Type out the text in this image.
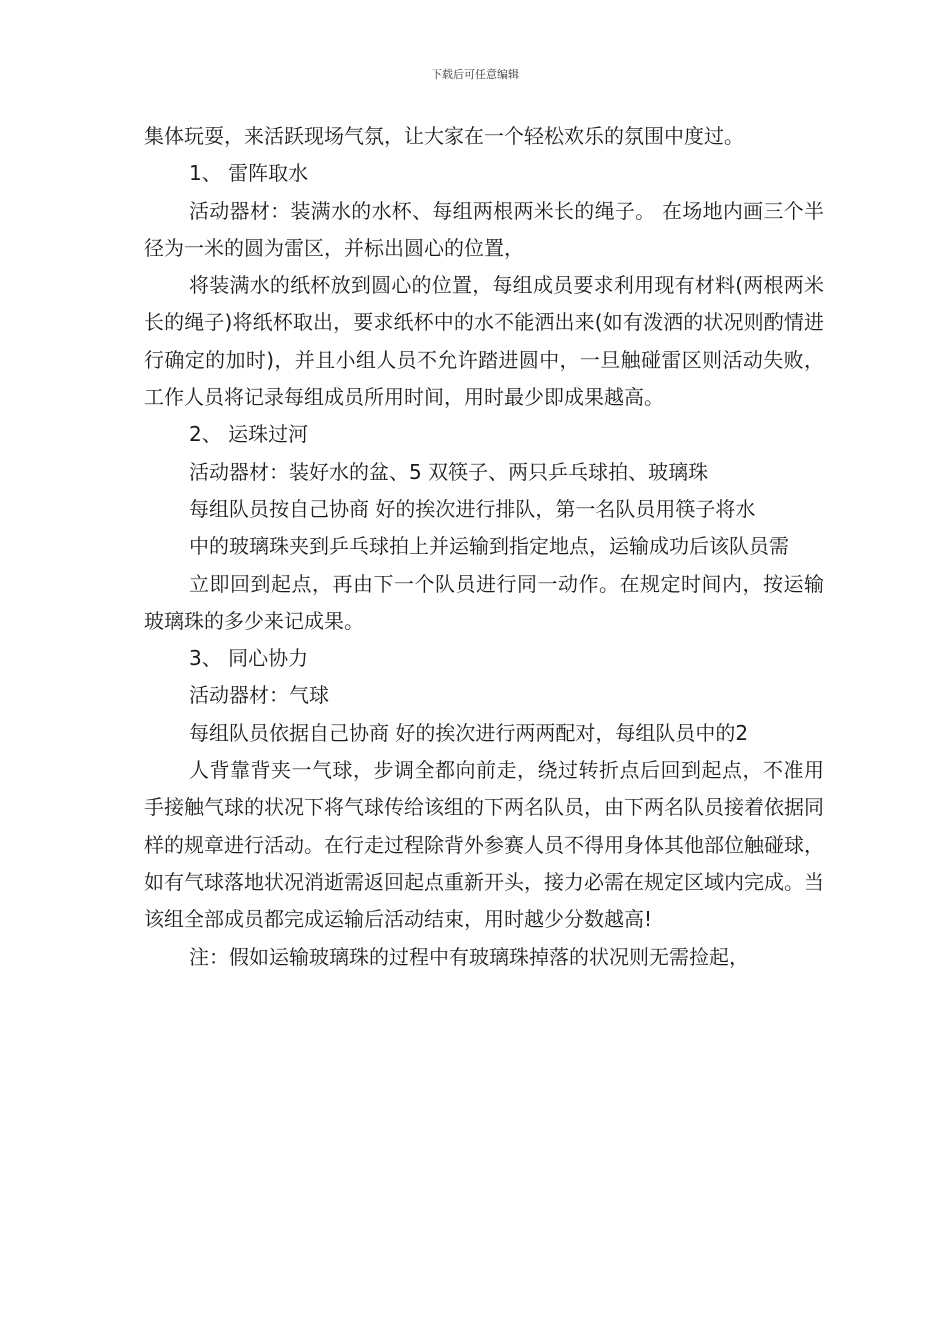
下载后可任意编辑

集体玩耍，来活跃现场气氛，让大家在一个轻松欢乐的氛围中度过。

1、 雷阵取水

活动器材：装满水的水杯、每组两根两米长的绳子。 在场地内画三个半径为一米的圆为雷区，并标出圆心的位置，

将装满水的纸杯放到圆心的位置，每组成员要求利用现有材料(两根两米长的绳子)将纸杯取出，要求纸杯中的水不能洒出来(如有泼洒的状况则酌情进行确定的加时)，并且小组人员不允许踏进圆中，一旦触碰雷区则活动失败，工作人员将记录每组成员所用时间，用时最少即成果越高。

2、 运珠过河

活动器材：装好水的盆、5 双筷子、两只乒乓球拍、玻璃珠

每组队员按自己协商 好的挨次进行排队，第一名队员用筷子将水

中的玻璃珠夹到乒乓球拍上并运输到指定地点，运输成功后该队员需

立即回到起点，再由下一个队员进行同一动作。在规定时间内，按运输玻璃珠的多少来记成果。

3、 同心协力

活动器材：气球

每组队员依据自己协商 好的挨次进行两两配对，每组队员中的2

人背靠背夹一气球，步调全都向前走，绕过转折点后回到起点，不准用手接触气球的状况下将气球传给该组的下两名队员，由下两名队员接着依据同样的规章进行活动。在行走过程除背外参赛人员不得用身体其他部位触碰球，如有气球落地状况消逝需返回起点重新开头，接力必需在规定区域内完成。当该组全部成员都完成运输后活动结束，用时越少分数越高!

注：假如运输玻璃珠的过程中有玻璃珠掉落的状况则无需捡起，
